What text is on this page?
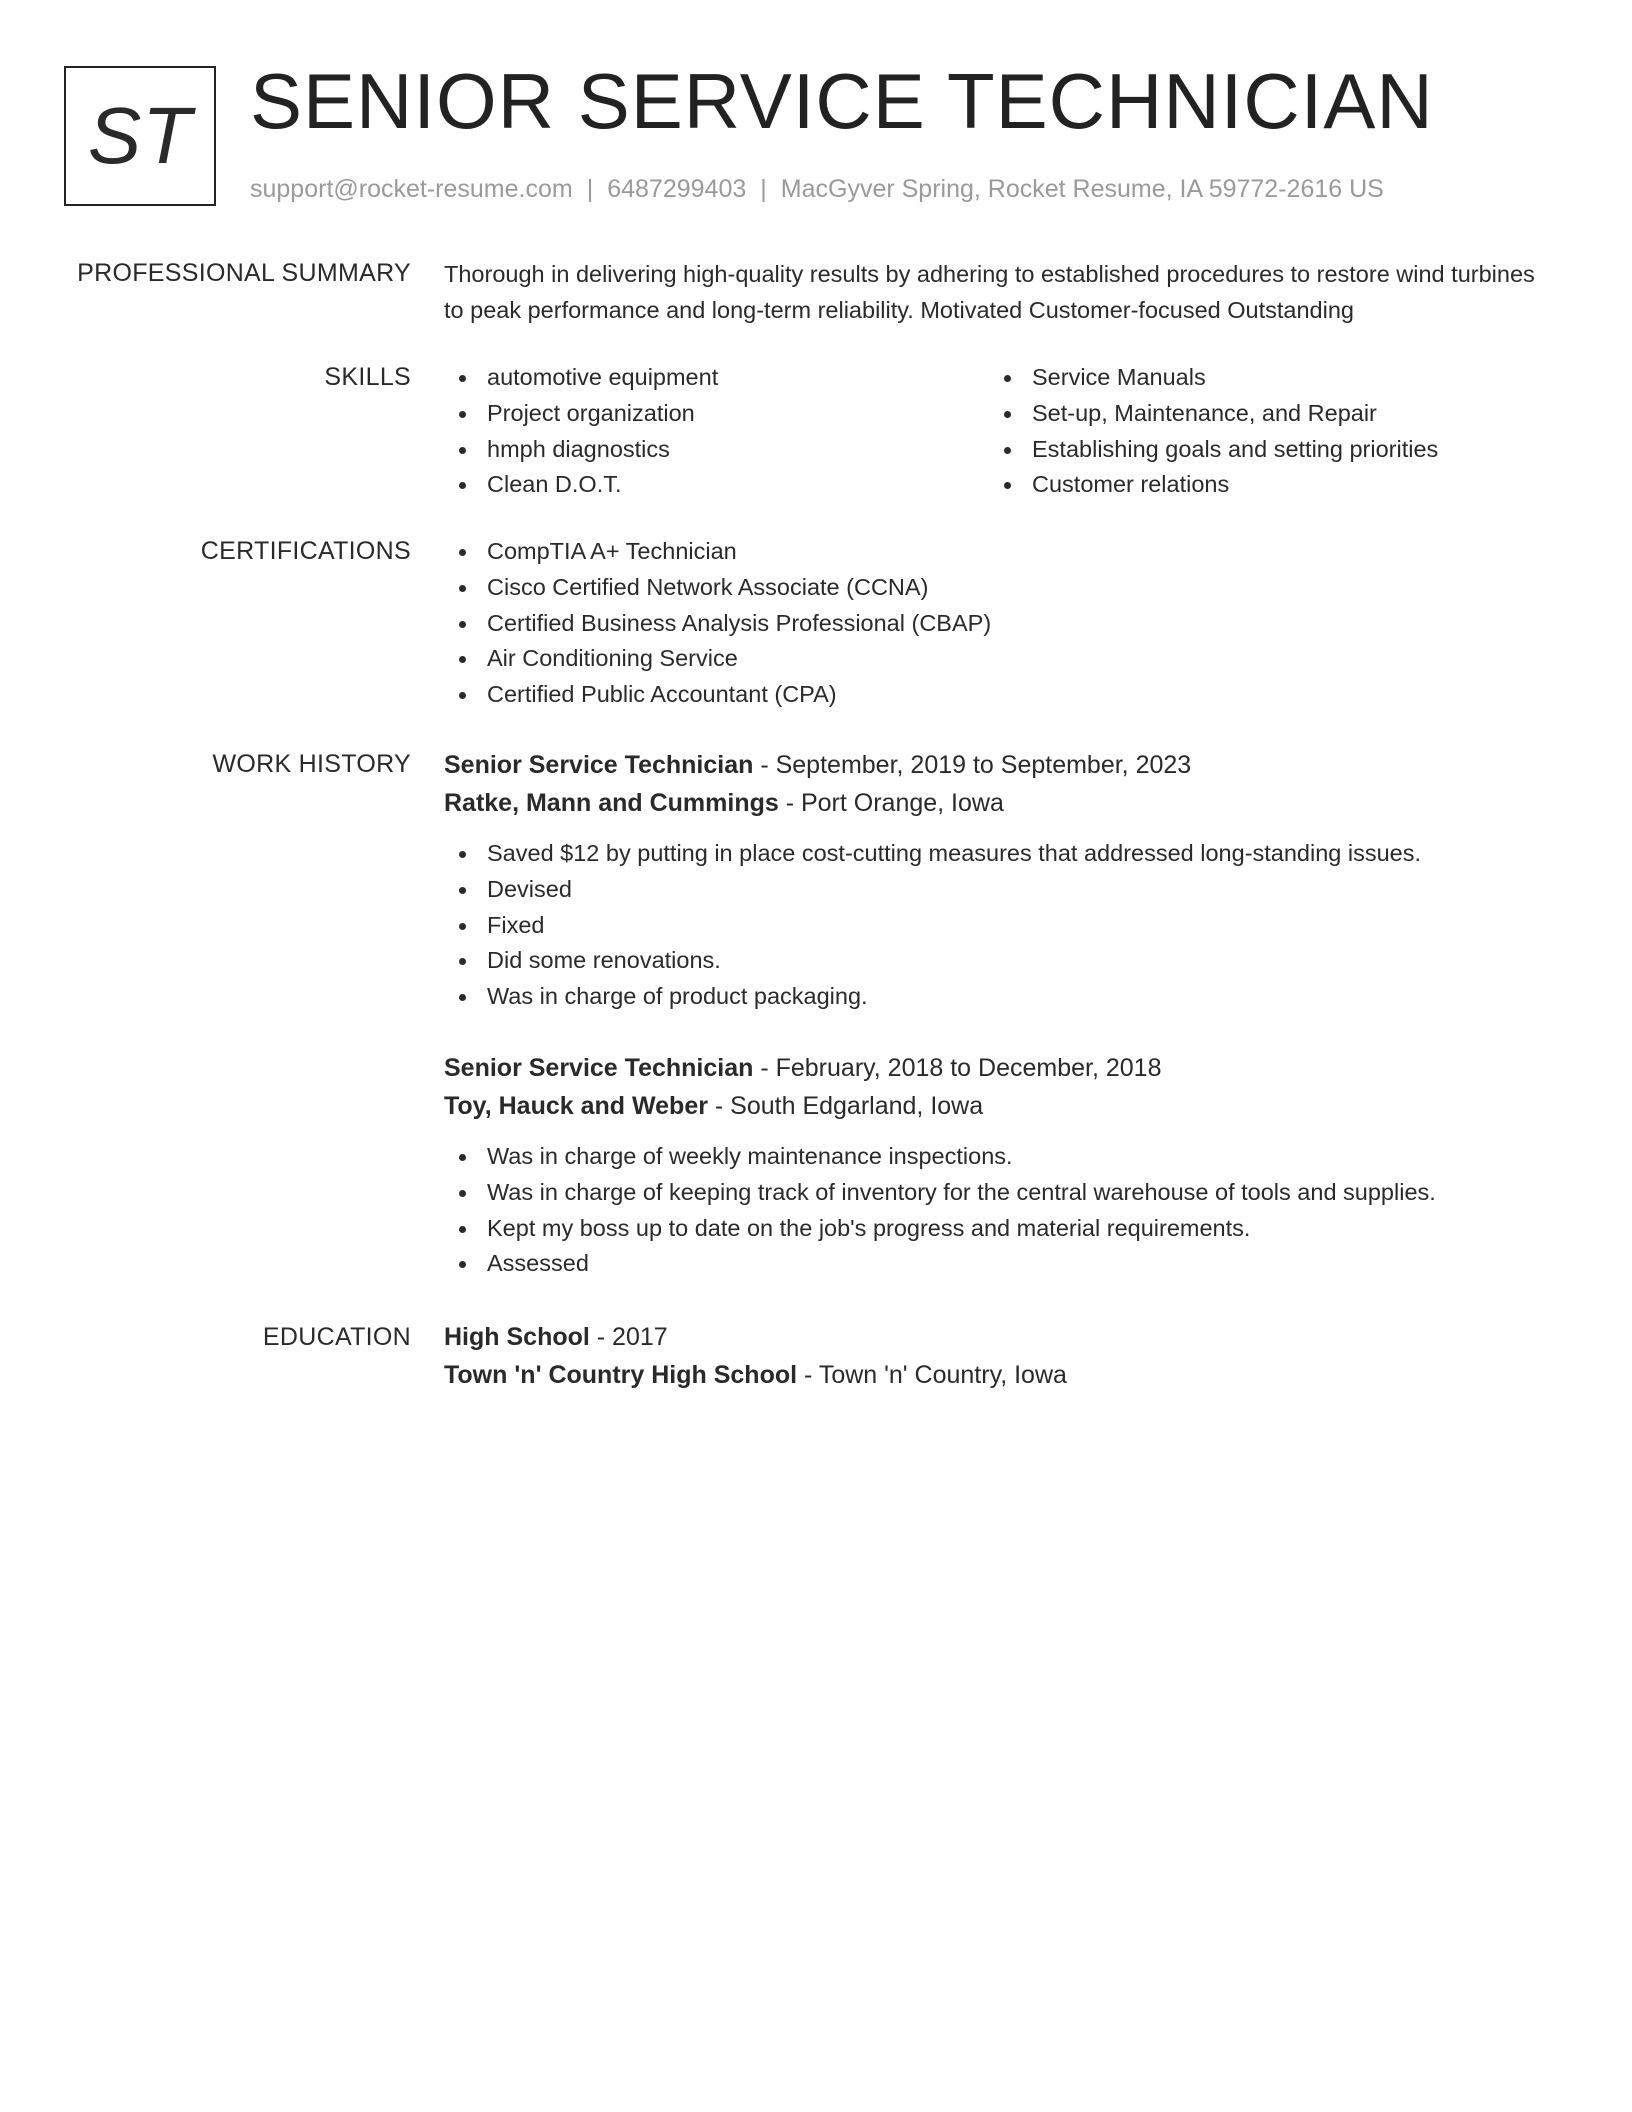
ST SENIOR SERVICE TECHNICIAN
support@rocket-resume.com | 6487299403 | MacGyver Spring, Rocket Resume, IA 59772-2616 US
PROFESSIONAL SUMMARY Thorough in delivering high-quality results by adhering to established procedures to restore wind turbines to peak performance and long-term reliability. Motivated Customer-focused Outstanding

SKILLS	automotive equipment
Project organization
hmph diagnostics
Clean D.O.T.
Service Manuals
Set-up, Maintenance, and Repair
Establishing goals and setting priorities
Customer relations
CERTIFICATIONS	CompTIA A+ Technician
Cisco Certified Network Associate (CCNA)
Certified Business Analysis Professional (CBAP)
Air Conditioning Service
Certified Public Accountant (CPA)
WORK HISTORY Senior Service Technician - September, 2019 to September, 2023
Ratke, Mann and Cummings - Port Orange, Iowa
Saved $12 by putting in place cost-cutting measures that addressed long-standing issues.
Devised
Fixed
Did some renovations.
Was in charge of product packaging.
Senior Service Technician - February, 2018 to December, 2018
Toy, Hauck and Weber - South Edgarland, Iowa
Was in charge of weekly maintenance inspections.
Was in charge of keeping track of inventory for the central warehouse of tools and supplies.
Kept my boss up to date on the job's progress and material requirements.
Assessed
EDUCATION High School - 2017
Town 'n' Country High School - Town 'n' Country, Iowa
